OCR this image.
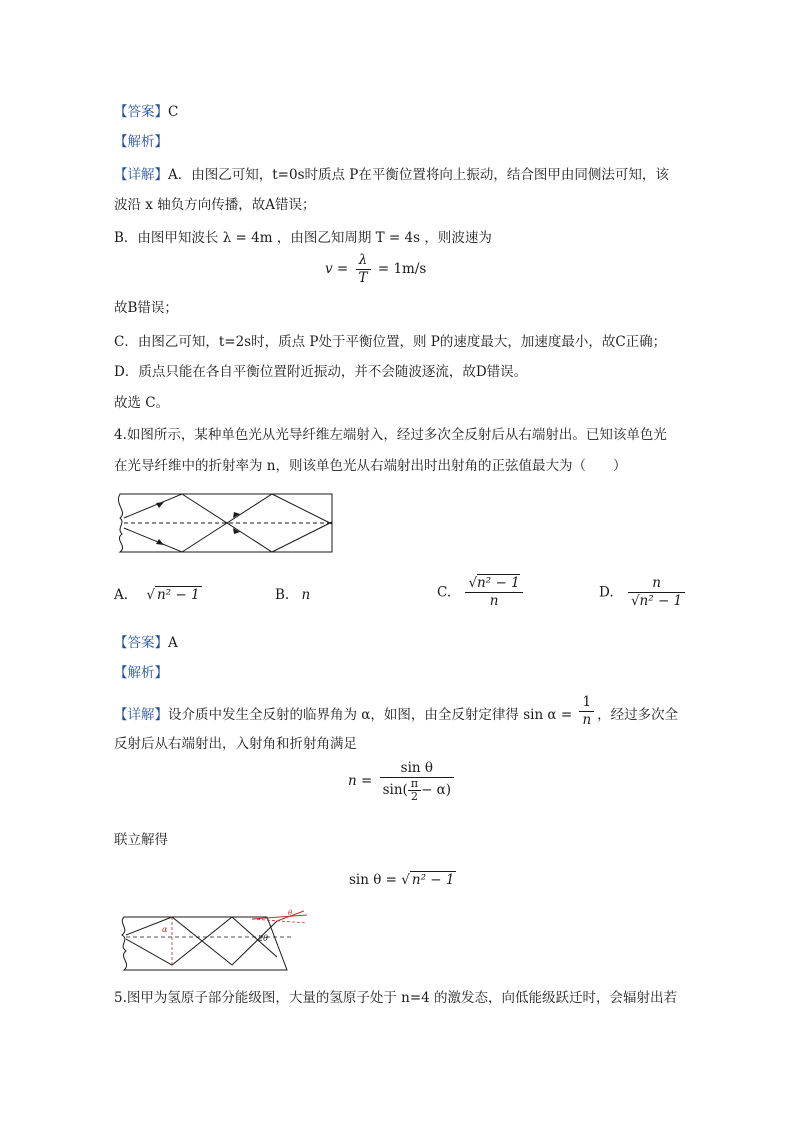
【答案】C
【解析】
【详解】A．由图乙可知，t=0s时质点 P在平衡位置将向上振动，结合图甲由同侧法可知，该
波沿 x 轴负方向传播，故A错误；
B．由图甲知波长 λ = 4m ，由图乙知周期 T = 4s ，则波速为
$v = \frac{\lambda}{T} = 1m/s$
故B错误；
C．由图乙可知，t=2s时，质点 P处于平衡位置，则 P的速度最大，加速度最小，故C正确；
D．质点只能在各自平衡位置附近振动，并不会随波逐流，故D错误。
故选 C。
4.如图所示，某种单色光从光导纤维左端射入，经过多次全反射后从右端射出。已知该单色光
在光导纤维中的折射率为 n，则该单色光从右端射出时出射角的正弦值最大为（　　）
A. √ n² − 1	B. n	C. $\frac{\text{√n² − 1}}{n}$	D. $\frac{n}{\text{√n² − 1}}$
【答案】A
【解析】
【详解】设介质中发生全反射的临界角为 α，如图，由全反射定律得 $\sin \alpha = \frac{1}{n}$ ，经过多次全
反射后从右端射出，入射角和折射角满足
$n = \frac{\text{sin θ}}{\sin( \frac{\pi}{2} - \alpha)}$
联立解得
sin θ = √ n² − 1
α
2θ
θ
5.图甲为氢原子部分能级图，大量的氢原子处于 n=4 的激发态，向低能级跃迁时，会辐射出若
